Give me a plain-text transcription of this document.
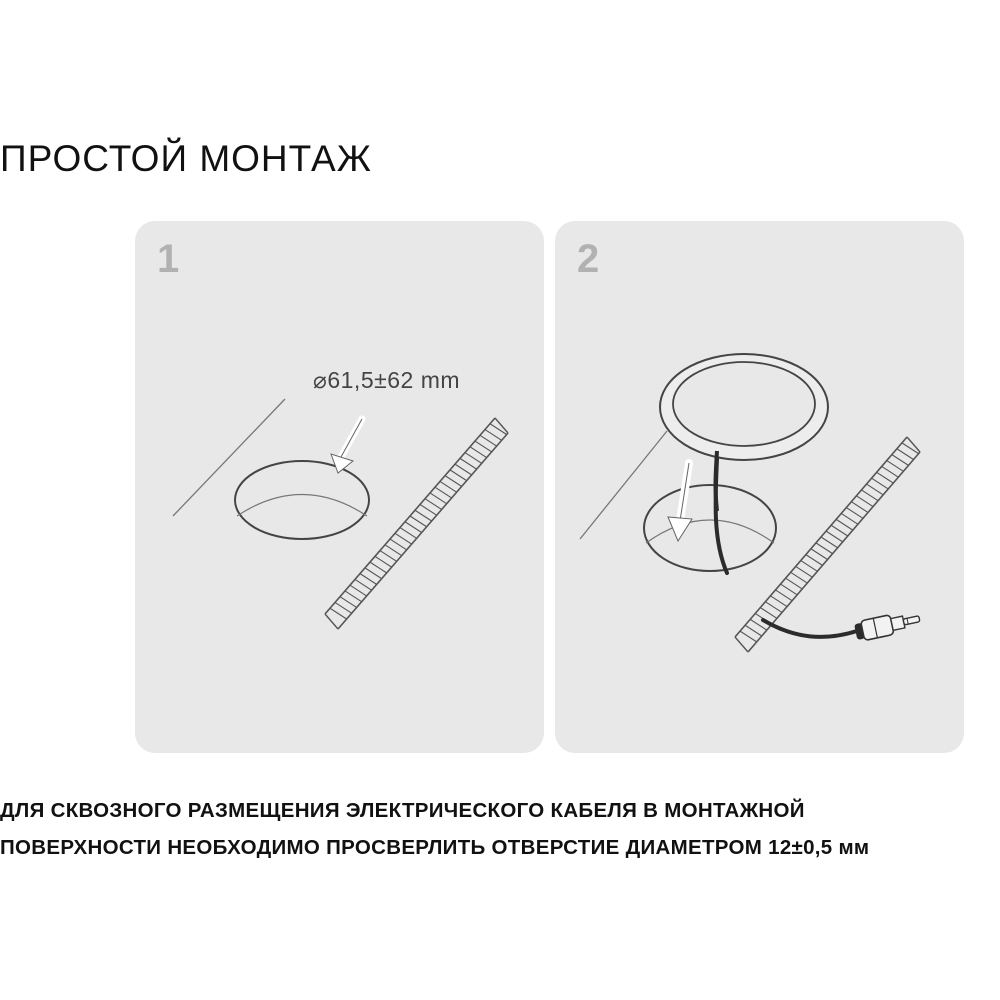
ПРОСТОЙ МОНТАЖ
1
⌀61,5±62 mm
2
ДЛЯ СКВОЗНОГО РАЗМЕЩЕНИЯ ЭЛЕКТРИЧЕСКОГО КАБЕЛЯ В МОНТАЖНОЙ
ПОВЕРХНОСТИ НЕОБХОДИМО ПРОСВЕРЛИТЬ ОТВЕРСТИЕ ДИАМЕТРОМ 12±0,5 мм
